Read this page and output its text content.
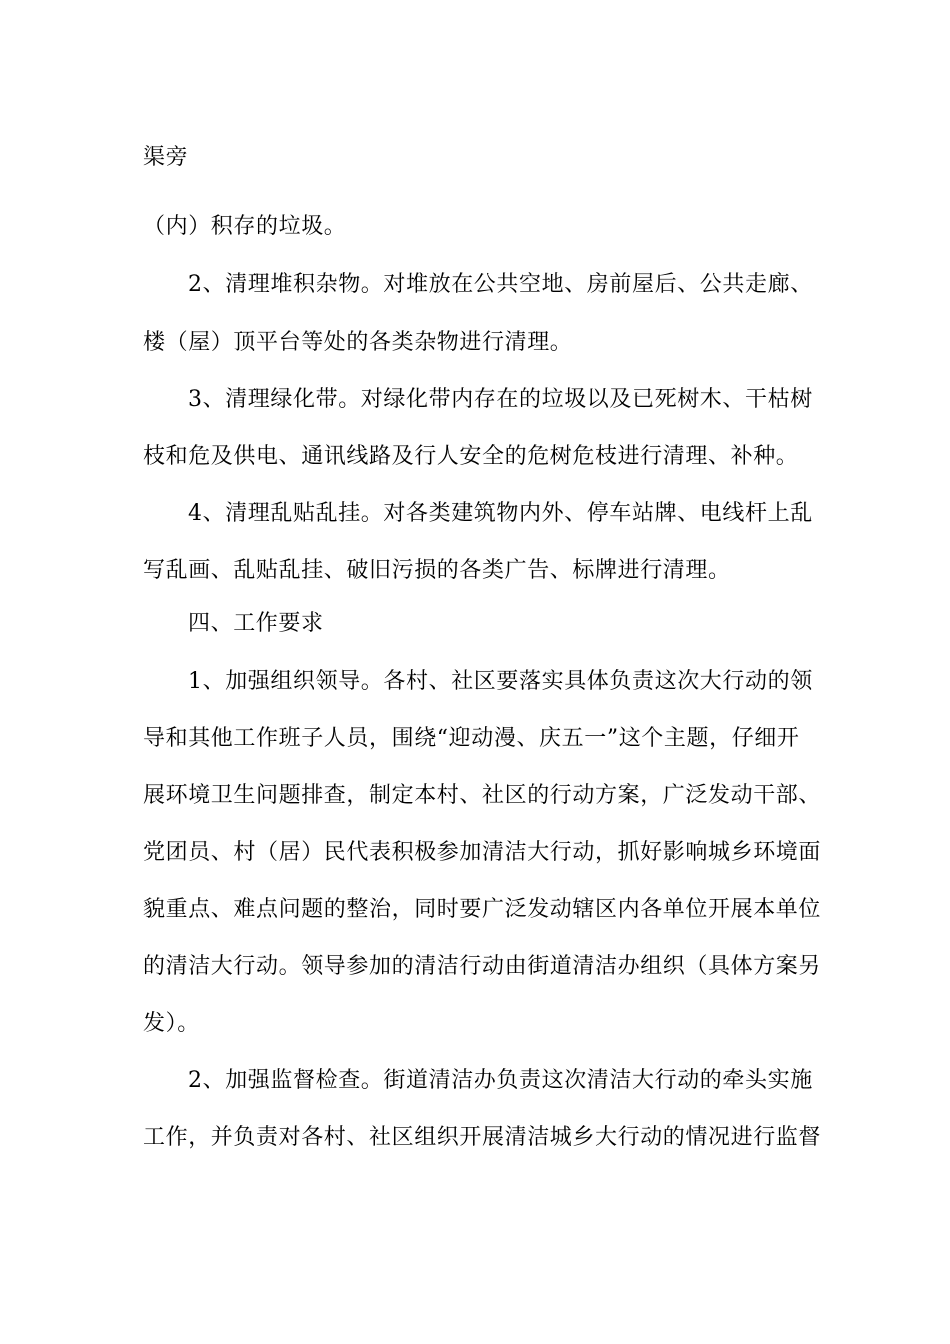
渠旁
（内）积存的垃圾。
2、清理堆积杂物。对堆放在公共空地、房前屋后、公共走廊、
楼（屋）顶平台等处的各类杂物进行清理。
3、清理绿化带。对绿化带内存在的垃圾以及已死树木、干枯树
枝和危及供电、通讯线路及行人安全的危树危枝进行清理、补种。
4、清理乱贴乱挂。对各类建筑物内外、停车站牌、电线杆上乱
写乱画、乱贴乱挂、破旧污损的各类广告、标牌进行清理。
四、工作要求
1、加强组织领导。各村、社区要落实具体负责这次大行动的领
导和其他工作班子人员，围绕“迎动漫、庆五一”这个主题，仔细开
展环境卫生问题排查，制定本村、社区的行动方案，广泛发动干部、
党团员、村（居）民代表积极参加清洁大行动，抓好影响城乡环境面
貌重点、难点问题的整治，同时要广泛发动辖区内各单位开展本单位
的清洁大行动。领导参加的清洁行动由街道清洁办组织（具体方案另
发）。
2、加强监督检查。街道清洁办负责这次清洁大行动的牵头实施
工作，并负责对各村、社区组织开展清洁城乡大行动的情况进行监督
